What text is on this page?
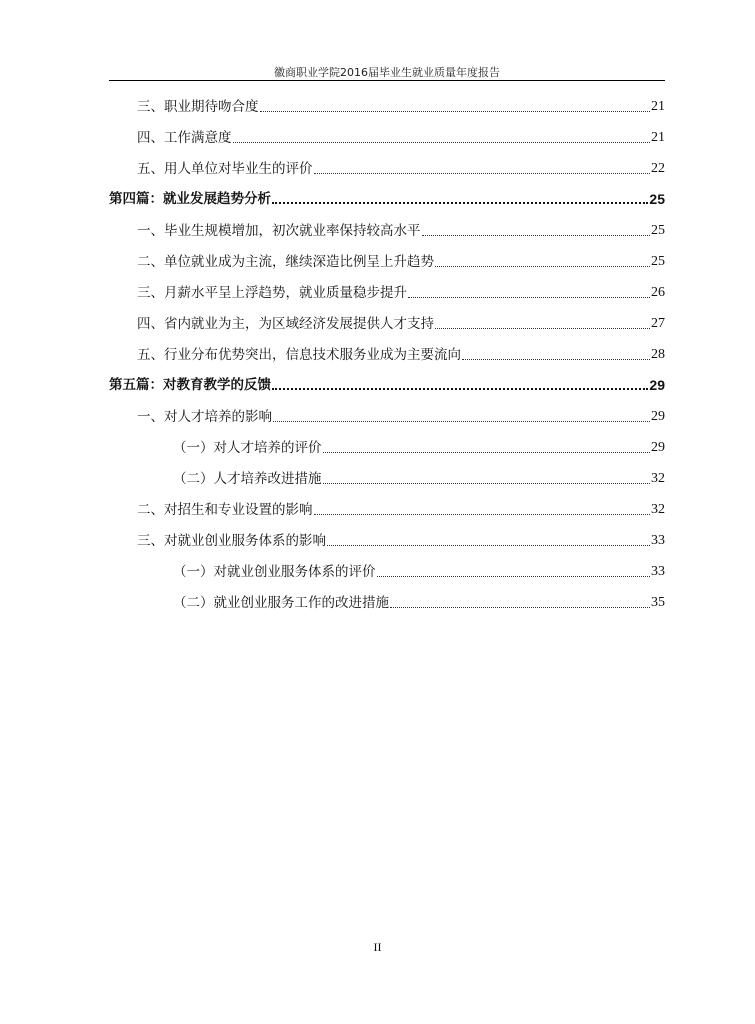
徽商职业学院2016届毕业生就业质量年度报告
三、职业期待吻合度	21
四、工作满意度	21
五、用人单位对毕业生的评价	22
第四篇：就业发展趋势分析	25
一、毕业生规模增加，初次就业率保持较高水平	25
二、单位就业成为主流，继续深造比例呈上升趋势	25
三、月薪水平呈上浮趋势，就业质量稳步提升	26
四、省内就业为主，为区域经济发展提供人才支持	27
五、行业分布优势突出，信息技术服务业成为主要流向	28
第五篇：对教育教学的反馈	29
一、对人才培养的影响	29
（一）对人才培养的评价	29
（二）人才培养改进措施	32
二、对招生和专业设置的影响	32
三、对就业创业服务体系的影响	33
（一）对就业创业服务体系的评价	33
（二）就业创业服务工作的改进措施	35
II
